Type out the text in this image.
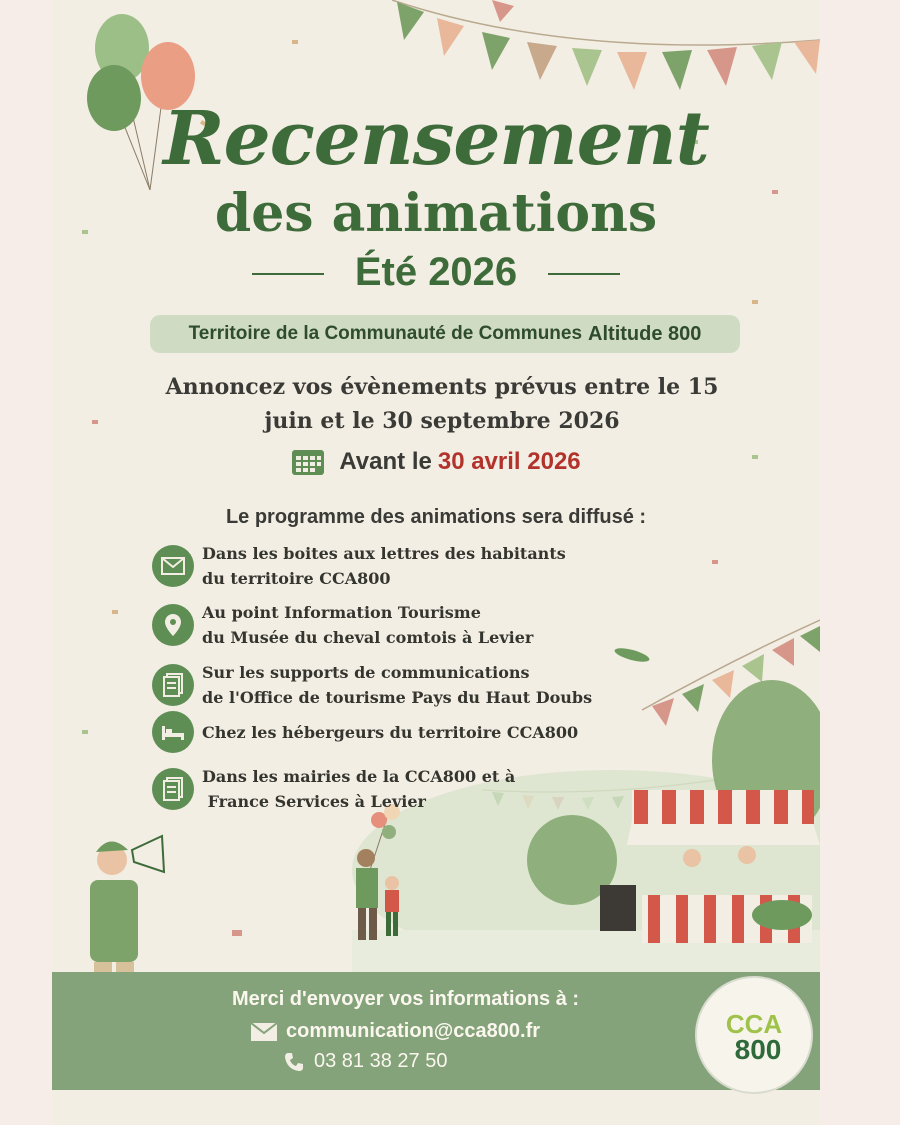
Recensement
des animations
Été 2026
Territoire de la Communauté de Communes Altitude 800
Annoncez vos évènements prévus entre le 15
juin et le 30 septembre 2026
Avant le 30 avril 2026
Le programme des animations sera diffusé :
Dans les boites aux lettres des habitants
du territoire CCA800
Au point Information Tourisme
du Musée du cheval comtois à Levier
Sur les supports de communications
de l'Office de tourisme Pays du Haut Doubs
Chez les hébergeurs du territoire CCA800
Dans les mairies de la CCA800 et à
France Services à Levier
Merci d'envoyer vos informations à :
communication@cca800.fr
03 81 38 27 50
CCA
800
